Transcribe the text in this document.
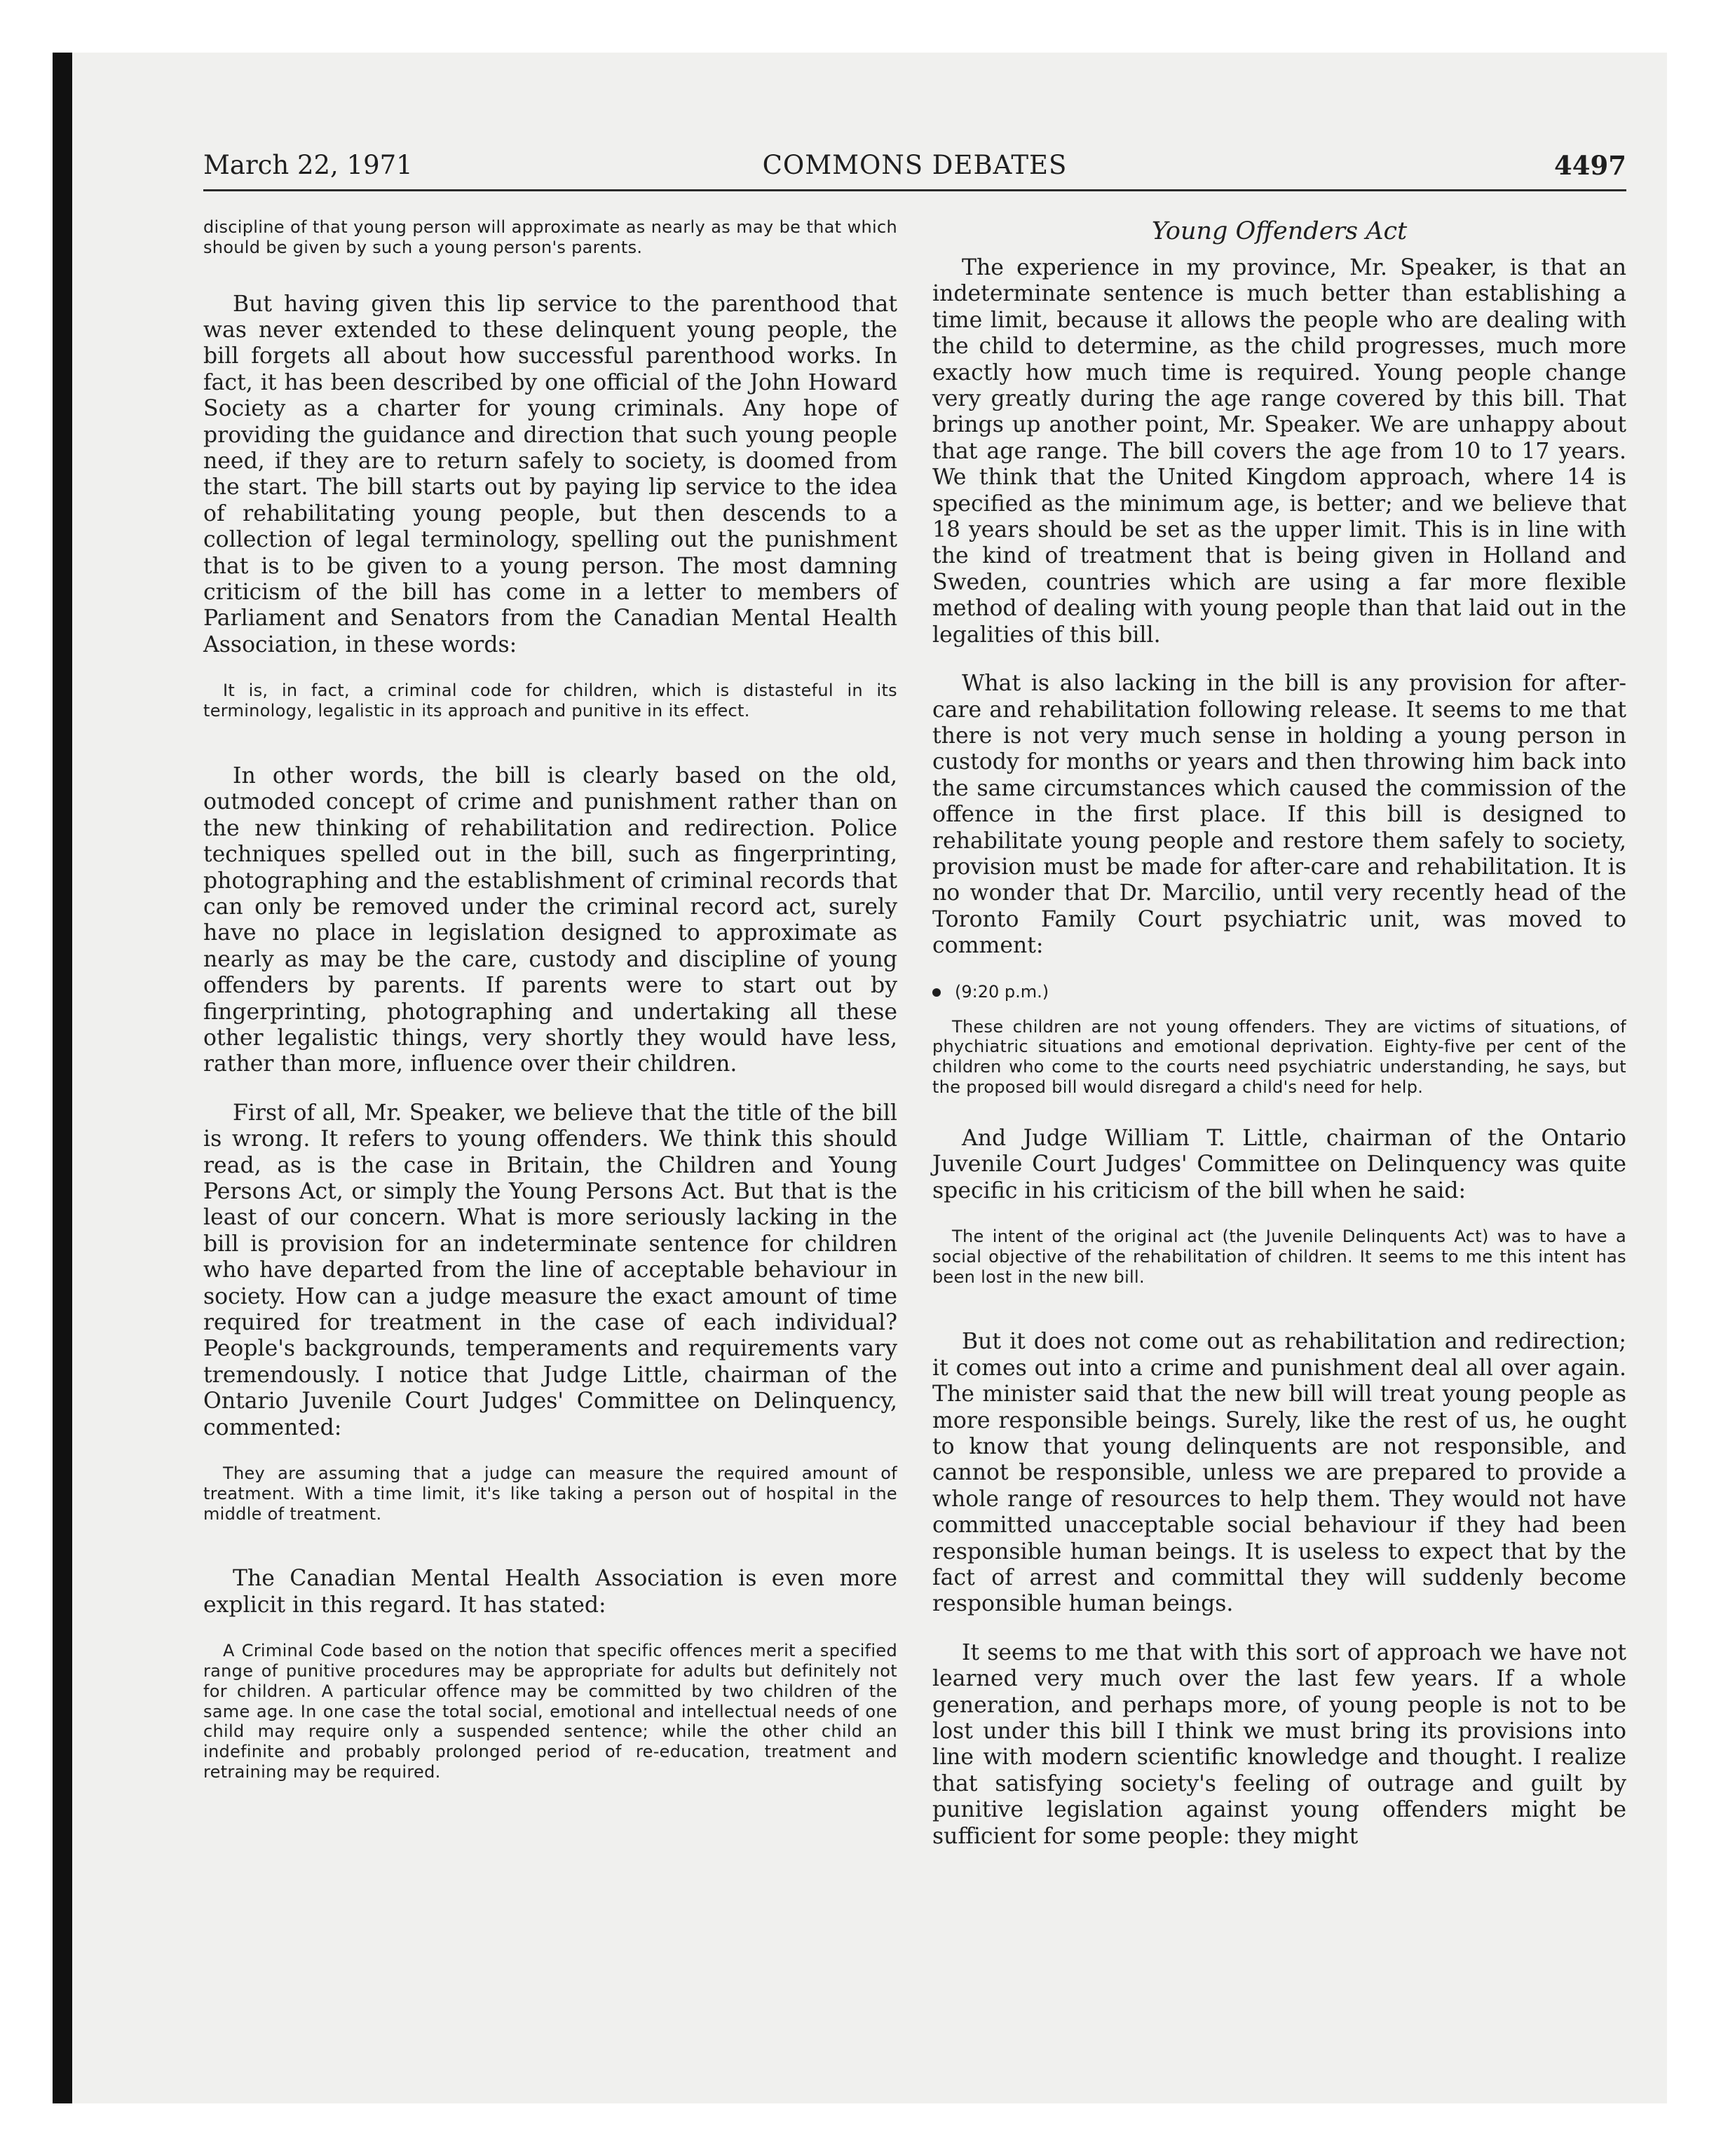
March 22, 1971	COMMONS DEBATES	4497

discipline of that young person will approximate as nearly as may be that which should be given by such a young person's parents.

But having given this lip service to the parenthood that was never extended to these delinquent young people, the bill forgets all about how successful parenthood works. In fact, it has been described by one official of the John Howard Society as a charter for young criminals. Any hope of providing the guidance and direction that such young people need, if they are to return safely to society, is doomed from the start. The bill starts out by paying lip service to the idea of rehabilitating young people, but then descends to a collection of legal terminology, spelling out the punishment that is to be given to a young person. The most damning criticism of the bill has come in a letter to members of Parliament and Senators from the Canadian Mental Health Association, in these words:

It is, in fact, a criminal code for children, which is distasteful in its terminology, legalistic in its approach and punitive in its effect.

In other words, the bill is clearly based on the old, outmoded concept of crime and punishment rather than on the new thinking of rehabilitation and redirection. Police techniques spelled out in the bill, such as fingerprinting, photographing and the establishment of criminal records that can only be removed under the criminal record act, surely have no place in legislation designed to approximate as nearly as may be the care, custody and discipline of young offenders by parents. If parents were to start out by fingerprinting, photographing and undertaking all these other legalistic things, very shortly they would have less, rather than more, influence over their children.

First of all, Mr. Speaker, we believe that the title of the bill is wrong. It refers to young offenders. We think this should read, as is the case in Britain, the Children and Young Persons Act, or simply the Young Persons Act. But that is the least of our concern. What is more seriously lacking in the bill is provision for an indeterminate sentence for children who have departed from the line of acceptable behaviour in society. How can a judge measure the exact amount of time required for treatment in the case of each individual? People's backgrounds, temperaments and requirements vary tremendously. I notice that Judge Little, chairman of the Ontario Juvenile Court Judges' Committee on Delinquency, commented:

They are assuming that a judge can measure the required amount of treatment. With a time limit, it's like taking a person out of hospital in the middle of treatment.

The Canadian Mental Health Association is even more explicit in this regard. It has stated:

A Criminal Code based on the notion that specific offences merit a specified range of punitive procedures may be appropriate for adults but definitely not for children. A particular offence may be committed by two children of the same age. In one case the total social, emotional and intellectual needs of one child may require only a suspended sentence; while the other child an indefinite and probably prolonged period of re-education, treatment and retraining may be required.

Young Offenders Act

The experience in my province, Mr. Speaker, is that an indeterminate sentence is much better than establishing a time limit, because it allows the people who are dealing with the child to determine, as the child progresses, much more exactly how much time is required. Young people change very greatly during the age range covered by this bill. That brings up another point, Mr. Speaker. We are unhappy about that age range. The bill covers the age from 10 to 17 years. We think that the United Kingdom approach, where 14 is specified as the minimum age, is better; and we believe that 18 years should be set as the upper limit. This is in line with the kind of treatment that is being given in Holland and Sweden, countries which are using a far more flexible method of dealing with young people than that laid out in the legalities of this bill.

What is also lacking in the bill is any provision for after-care and rehabilitation following release. It seems to me that there is not very much sense in holding a young person in custody for months or years and then throwing him back into the same circumstances which caused the commission of the offence in the first place. If this bill is designed to rehabilitate young people and restore them safely to society, provision must be made for after-care and rehabilitation. It is no wonder that Dr. Marcilio, until very recently head of the Toronto Family Court psychiatric unit, was moved to comment:

(9:20 p.m.)

These children are not young offenders. They are victims of situations, of phychiatric situations and emotional deprivation. Eighty-five per cent of the children who come to the courts need psychiatric understanding, he says, but the proposed bill would disregard a child's need for help.

And Judge William T. Little, chairman of the Ontario Juvenile Court Judges' Committee on Delinquency was quite specific in his criticism of the bill when he said:

The intent of the original act (the Juvenile Delinquents Act) was to have a social objective of the rehabilitation of children. It seems to me this intent has been lost in the new bill.

But it does not come out as rehabilitation and redirection; it comes out into a crime and punishment deal all over again. The minister said that the new bill will treat young people as more responsible beings. Surely, like the rest of us, he ought to know that young delinquents are not responsible, and cannot be responsible, unless we are prepared to provide a whole range of resources to help them. They would not have committed unacceptable social behaviour if they had been responsible human beings. It is useless to expect that by the fact of arrest and committal they will suddenly become responsible human beings.

It seems to me that with this sort of approach we have not learned very much over the last few years. If a whole generation, and perhaps more, of young people is not to be lost under this bill I think we must bring its provisions into line with modern scientific knowledge and thought. I realize that satisfying society's feeling of outrage and guilt by punitive legislation against young offenders might be sufficient for some people: they might
